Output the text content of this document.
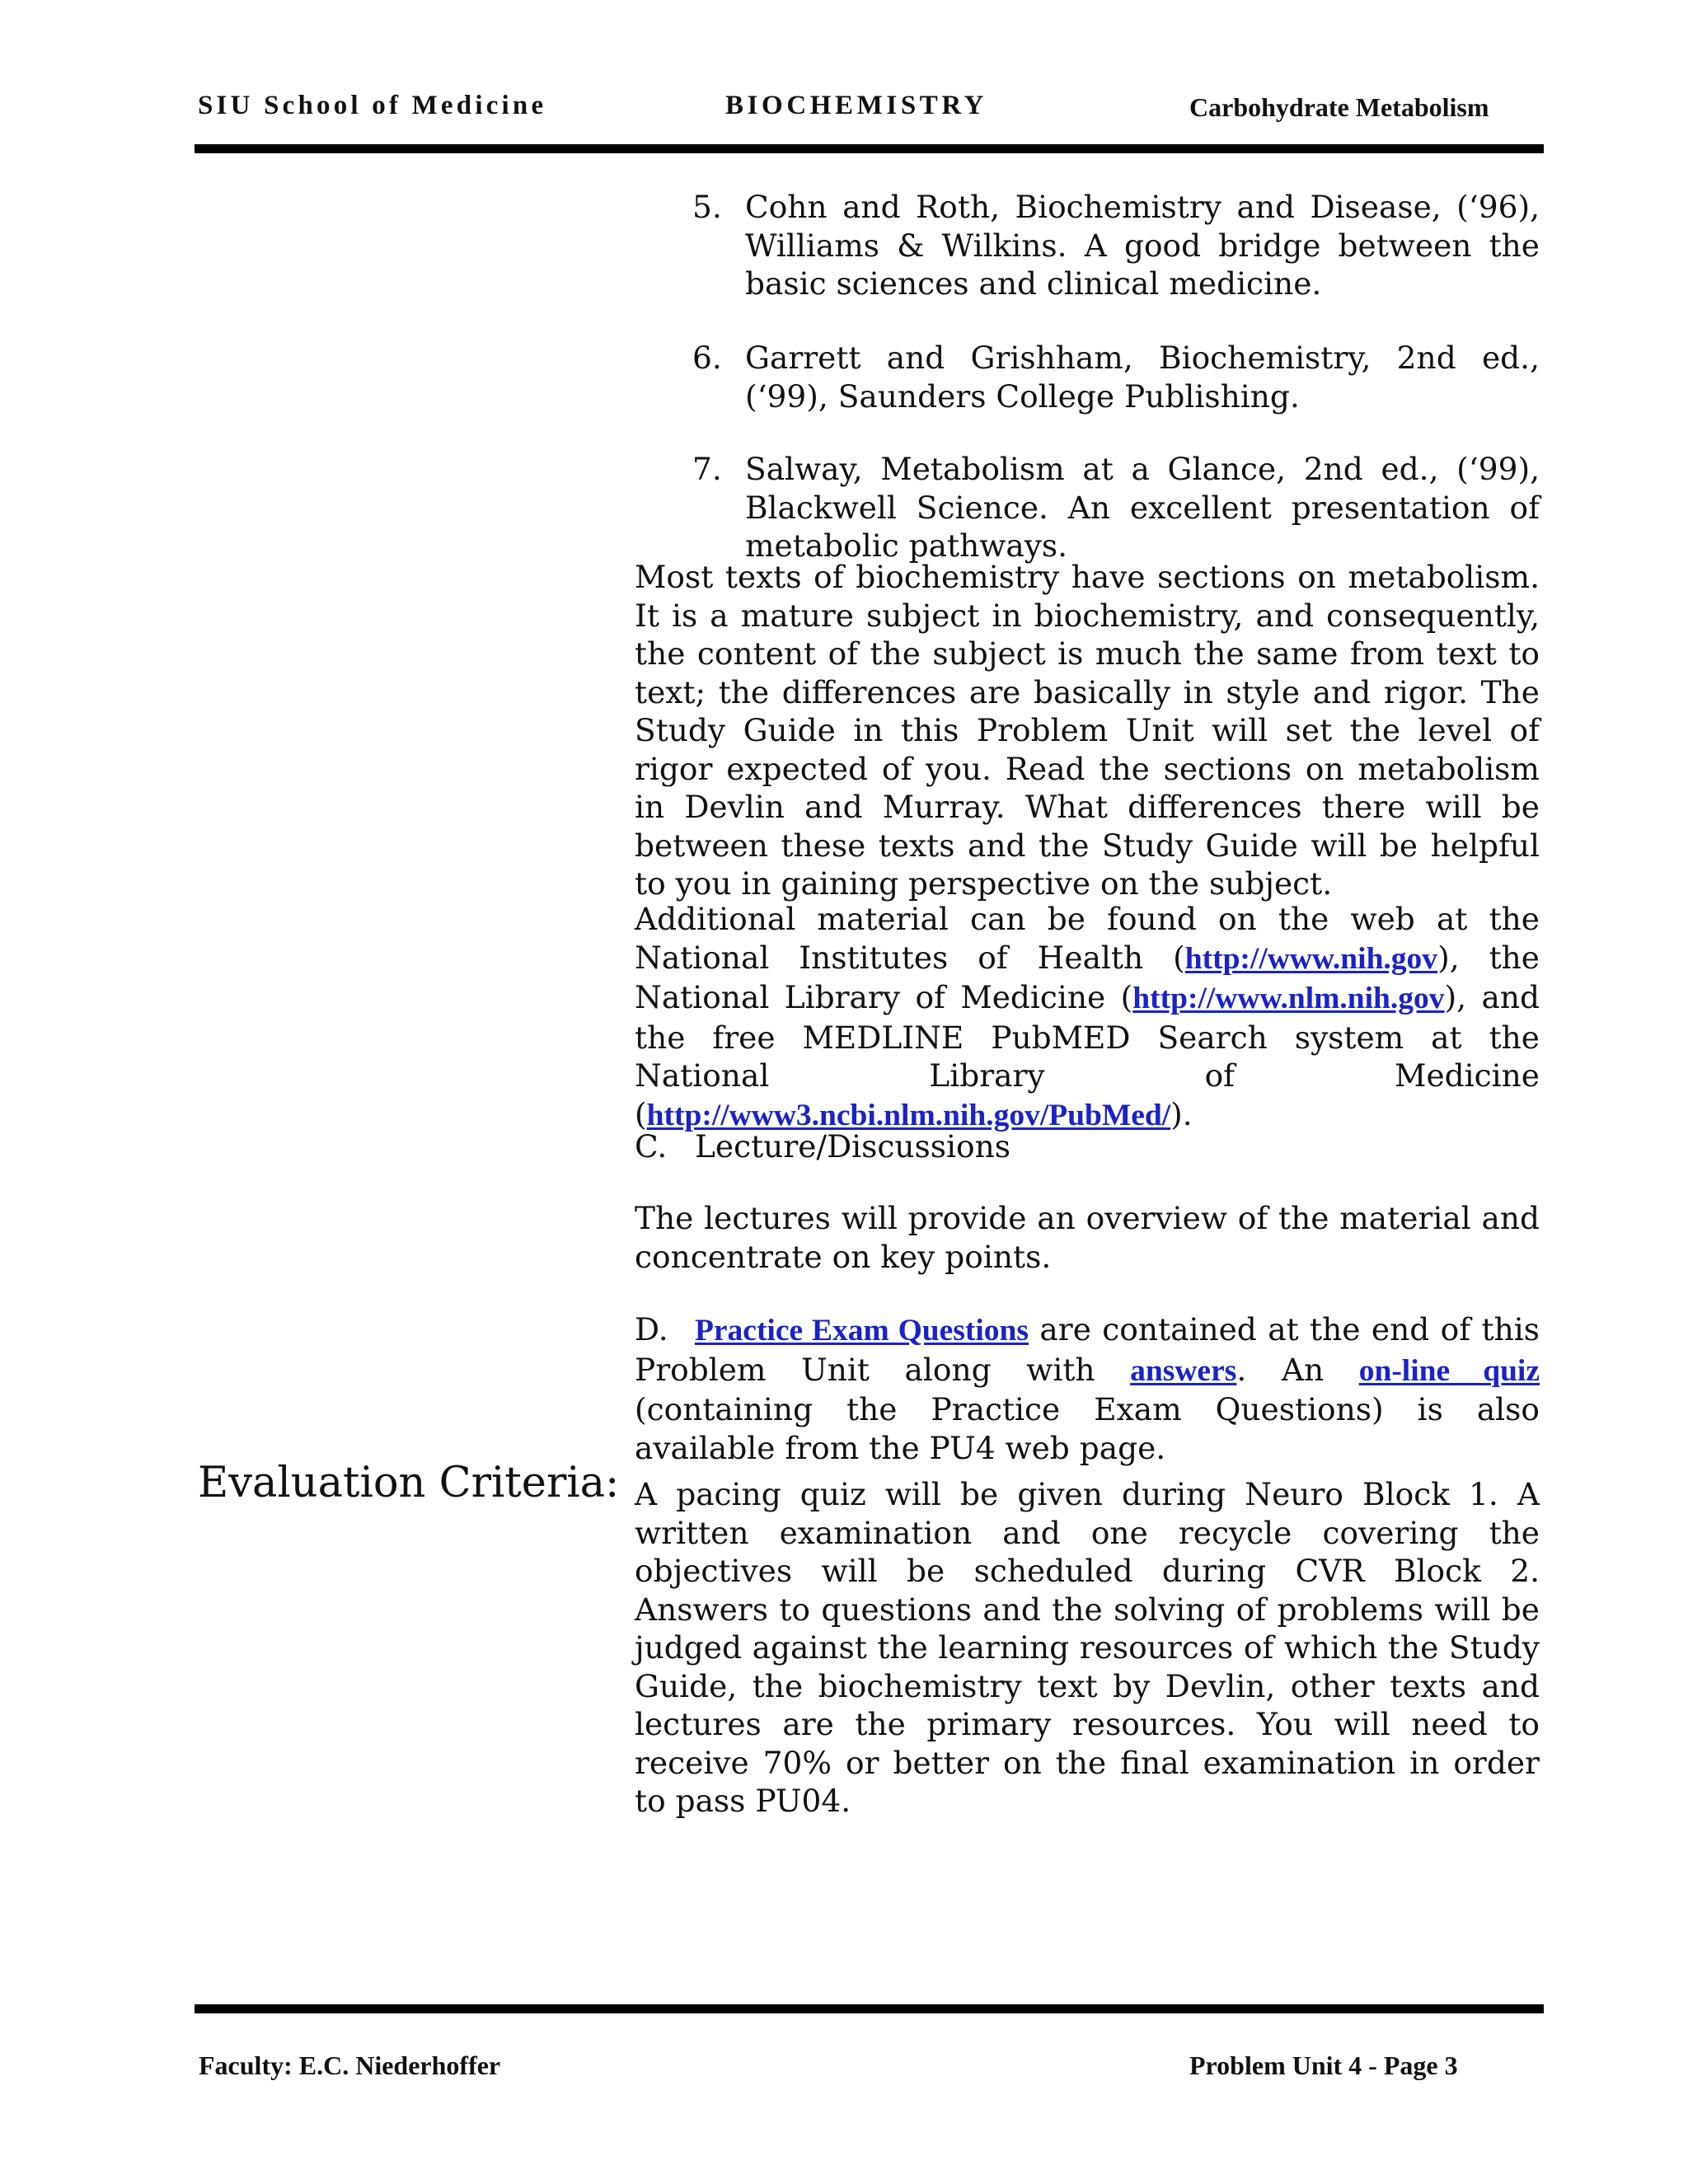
SIU School of Medicine	BIOCHEMISTRY	Carbohydrate Metabolism
5. Cohn and Roth, Biochemistry and Disease, (‘96), Williams & Wilkins. A good bridge between the basic sciences and clinical medicine.
6. Garrett and Grishham, Biochemistry, 2nd ed., (‘99), Saunders College Publishing.
7. Salway, Metabolism at a Glance, 2nd ed., (‘99), Blackwell Science. An excellent presentation of metabolic pathways.

Most texts of biochemistry have sections on metabolism. It is a mature subject in biochemistry, and consequently, the content of the subject is much the same from text to text; the differences are basically in style and rigor. The Study Guide in this Problem Unit will set the level of rigor expected of you. Read the sections on metabolism in Devlin and Murray. What differences there will be between these texts and the Study Guide will be helpful to you in gaining perspective on the subject.

Additional material can be found on the web at the National Institutes of Health (http://www.nih.gov), the National Library of Medicine (http://www.nlm.nih.gov), and the free MEDLINE PubMED Search system at the National Library of Medicine (http://www3.ncbi.nlm.nih.gov/PubMed/).

C. Lecture/Discussions

The lectures will provide an overview of the material and concentrate on key points.

D. Practice Exam Questions are contained at the end of this Problem Unit along with answers. An on-line quiz (containing the Practice Exam Questions) is also available from the PU4 web page.

Evaluation Criteria: A pacing quiz will be given during Neuro Block 1. A written examination and one recycle covering the objectives will be scheduled during CVR Block 2. Answers to questions and the solving of problems will be judged against the learning resources of which the Study Guide, the biochemistry text by Devlin, other texts and lectures are the primary resources. You will need to receive 70% or better on the final examination in order to pass PU04.

Faculty: E.C. Niederhoffer	Problem Unit 4 - Page 3
